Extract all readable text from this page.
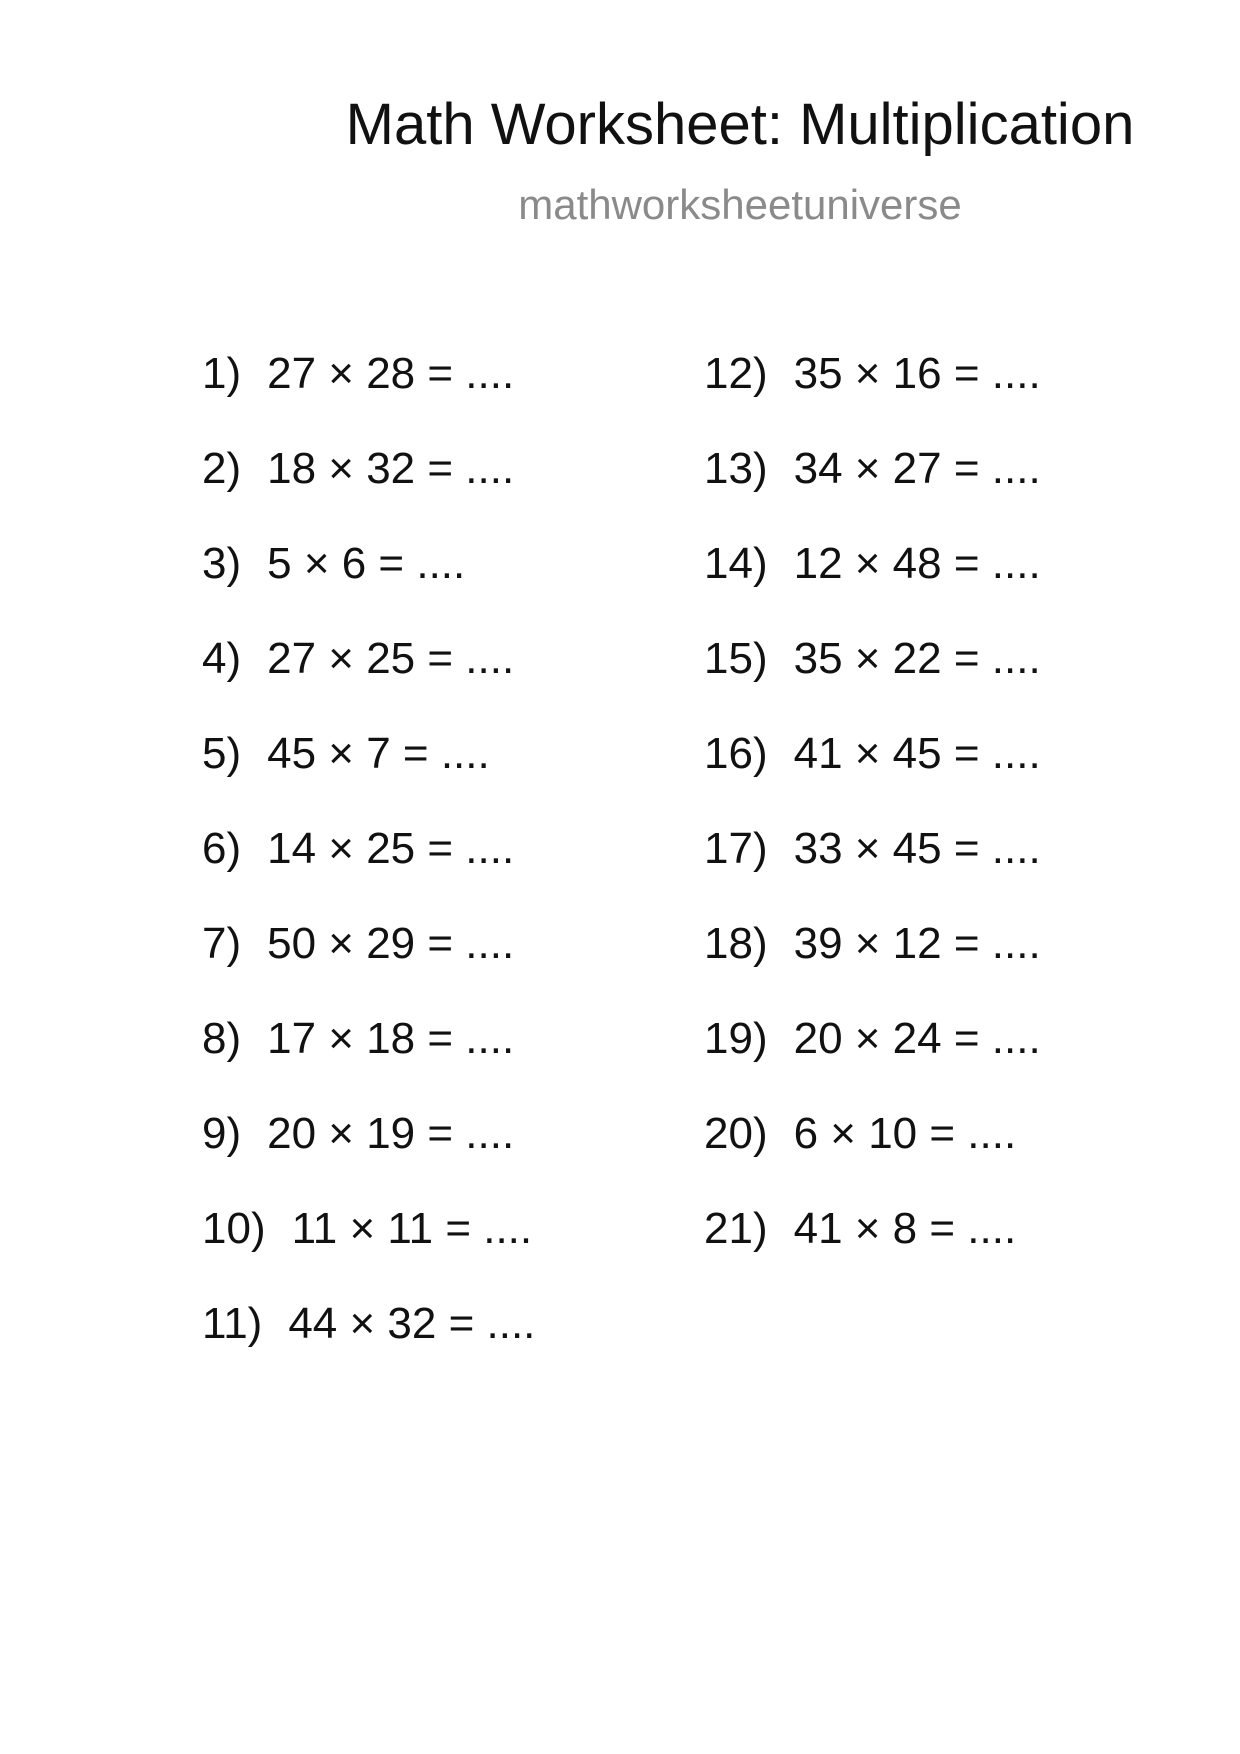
Math Worksheet: Multiplication
mathworksheetuniverse
1) 27 × 28 = ....
2) 18 × 32 = ....
3) 5 × 6 = ....
4) 27 × 25 = ....
5) 45 × 7 = ....
6) 14 × 25 = ....
7) 50 × 29 = ....
8) 17 × 18 = ....
9) 20 × 19 = ....
10) 11 × 11 = ....
11) 44 × 32 = ....
12) 35 × 16 = ....
13) 34 × 27 = ....
14) 12 × 48 = ....
15) 35 × 22 = ....
16) 41 × 45 = ....
17) 33 × 45 = ....
18) 39 × 12 = ....
19) 20 × 24 = ....
20) 6 × 10 = ....
21) 41 × 8 = ....
